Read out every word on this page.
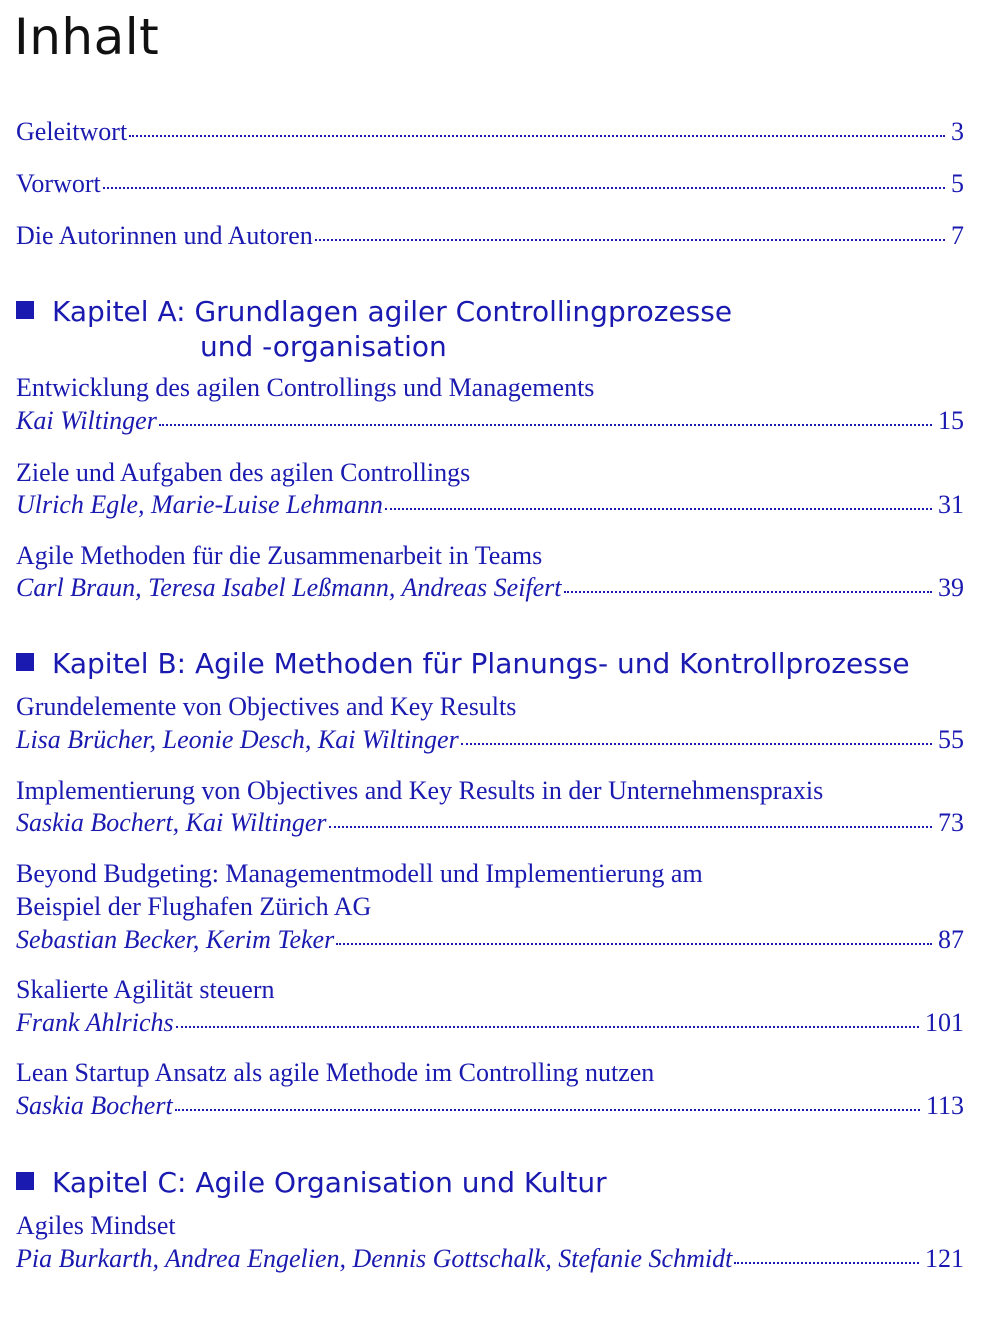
Inhalt
Geleitwort	3
Vorwort	5
Die Autorinnen und Autoren	7
Kapitel A: Grundlagen agiler Controllingprozesse
und -organisation
Entwicklung des agilen Controllings und Managements
Kai Wiltinger	15
Ziele und Aufgaben des agilen Controllings
Ulrich Egle, Marie-Luise Lehmann	31
Agile Methoden für die Zusammenarbeit in Teams
Carl Braun, Teresa Isabel Leßmann, Andreas Seifert	39
Kapitel B: Agile Methoden für Planungs- und Kontrollprozesse
Grundelemente von Objectives and Key Results
Lisa Brücher, Leonie Desch, Kai Wiltinger	55
Implementierung von Objectives and Key Results in der Unternehmenspraxis
Saskia Bochert, Kai Wiltinger	73
Beyond Budgeting: Managementmodell und Implementierung am
Beispiel der Flughafen Zürich AG
Sebastian Becker, Kerim Teker	87
Skalierte Agilität steuern
Frank Ahlrichs	101
Lean Startup Ansatz als agile Methode im Controlling nutzen
Saskia Bochert	113
Kapitel C: Agile Organisation und Kultur
Agiles Mindset
Pia Burkarth, Andrea Engelien, Dennis Gottschalk, Stefanie Schmidt	121
